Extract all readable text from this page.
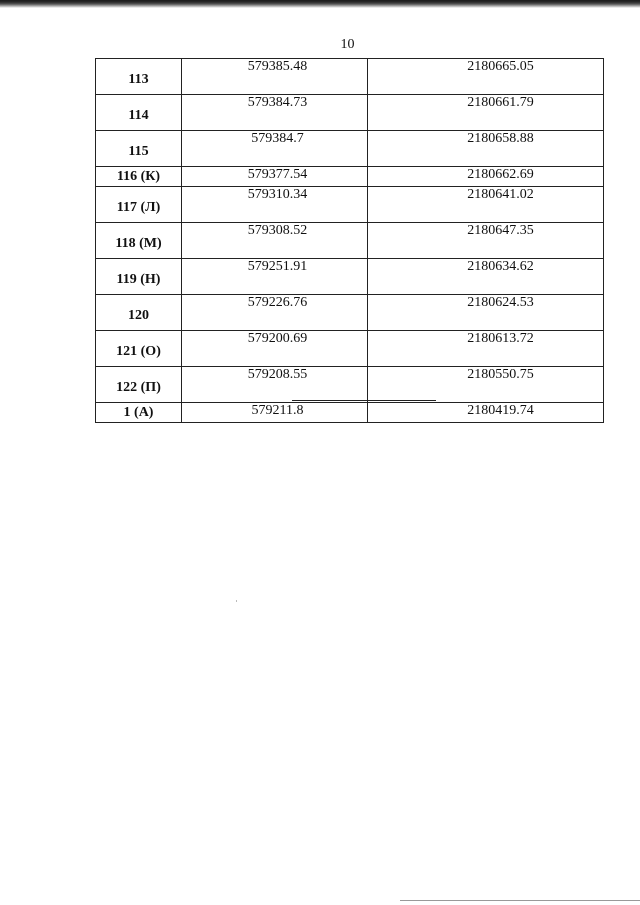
10
113	579385.48	2180665.05
114	579384.73	2180661.79
115	579384.7	2180658.88
116 (К)	579377.54	2180662.69
117 (Л)	579310.34	2180641.02
118 (М)	579308.52	2180647.35
119 (Н)	579251.91	2180634.62
120	579226.76	2180624.53
121 (О)	579200.69	2180613.72
122 (П)	579208.55	2180550.75
1 (А)	579211.8	2180419.74
